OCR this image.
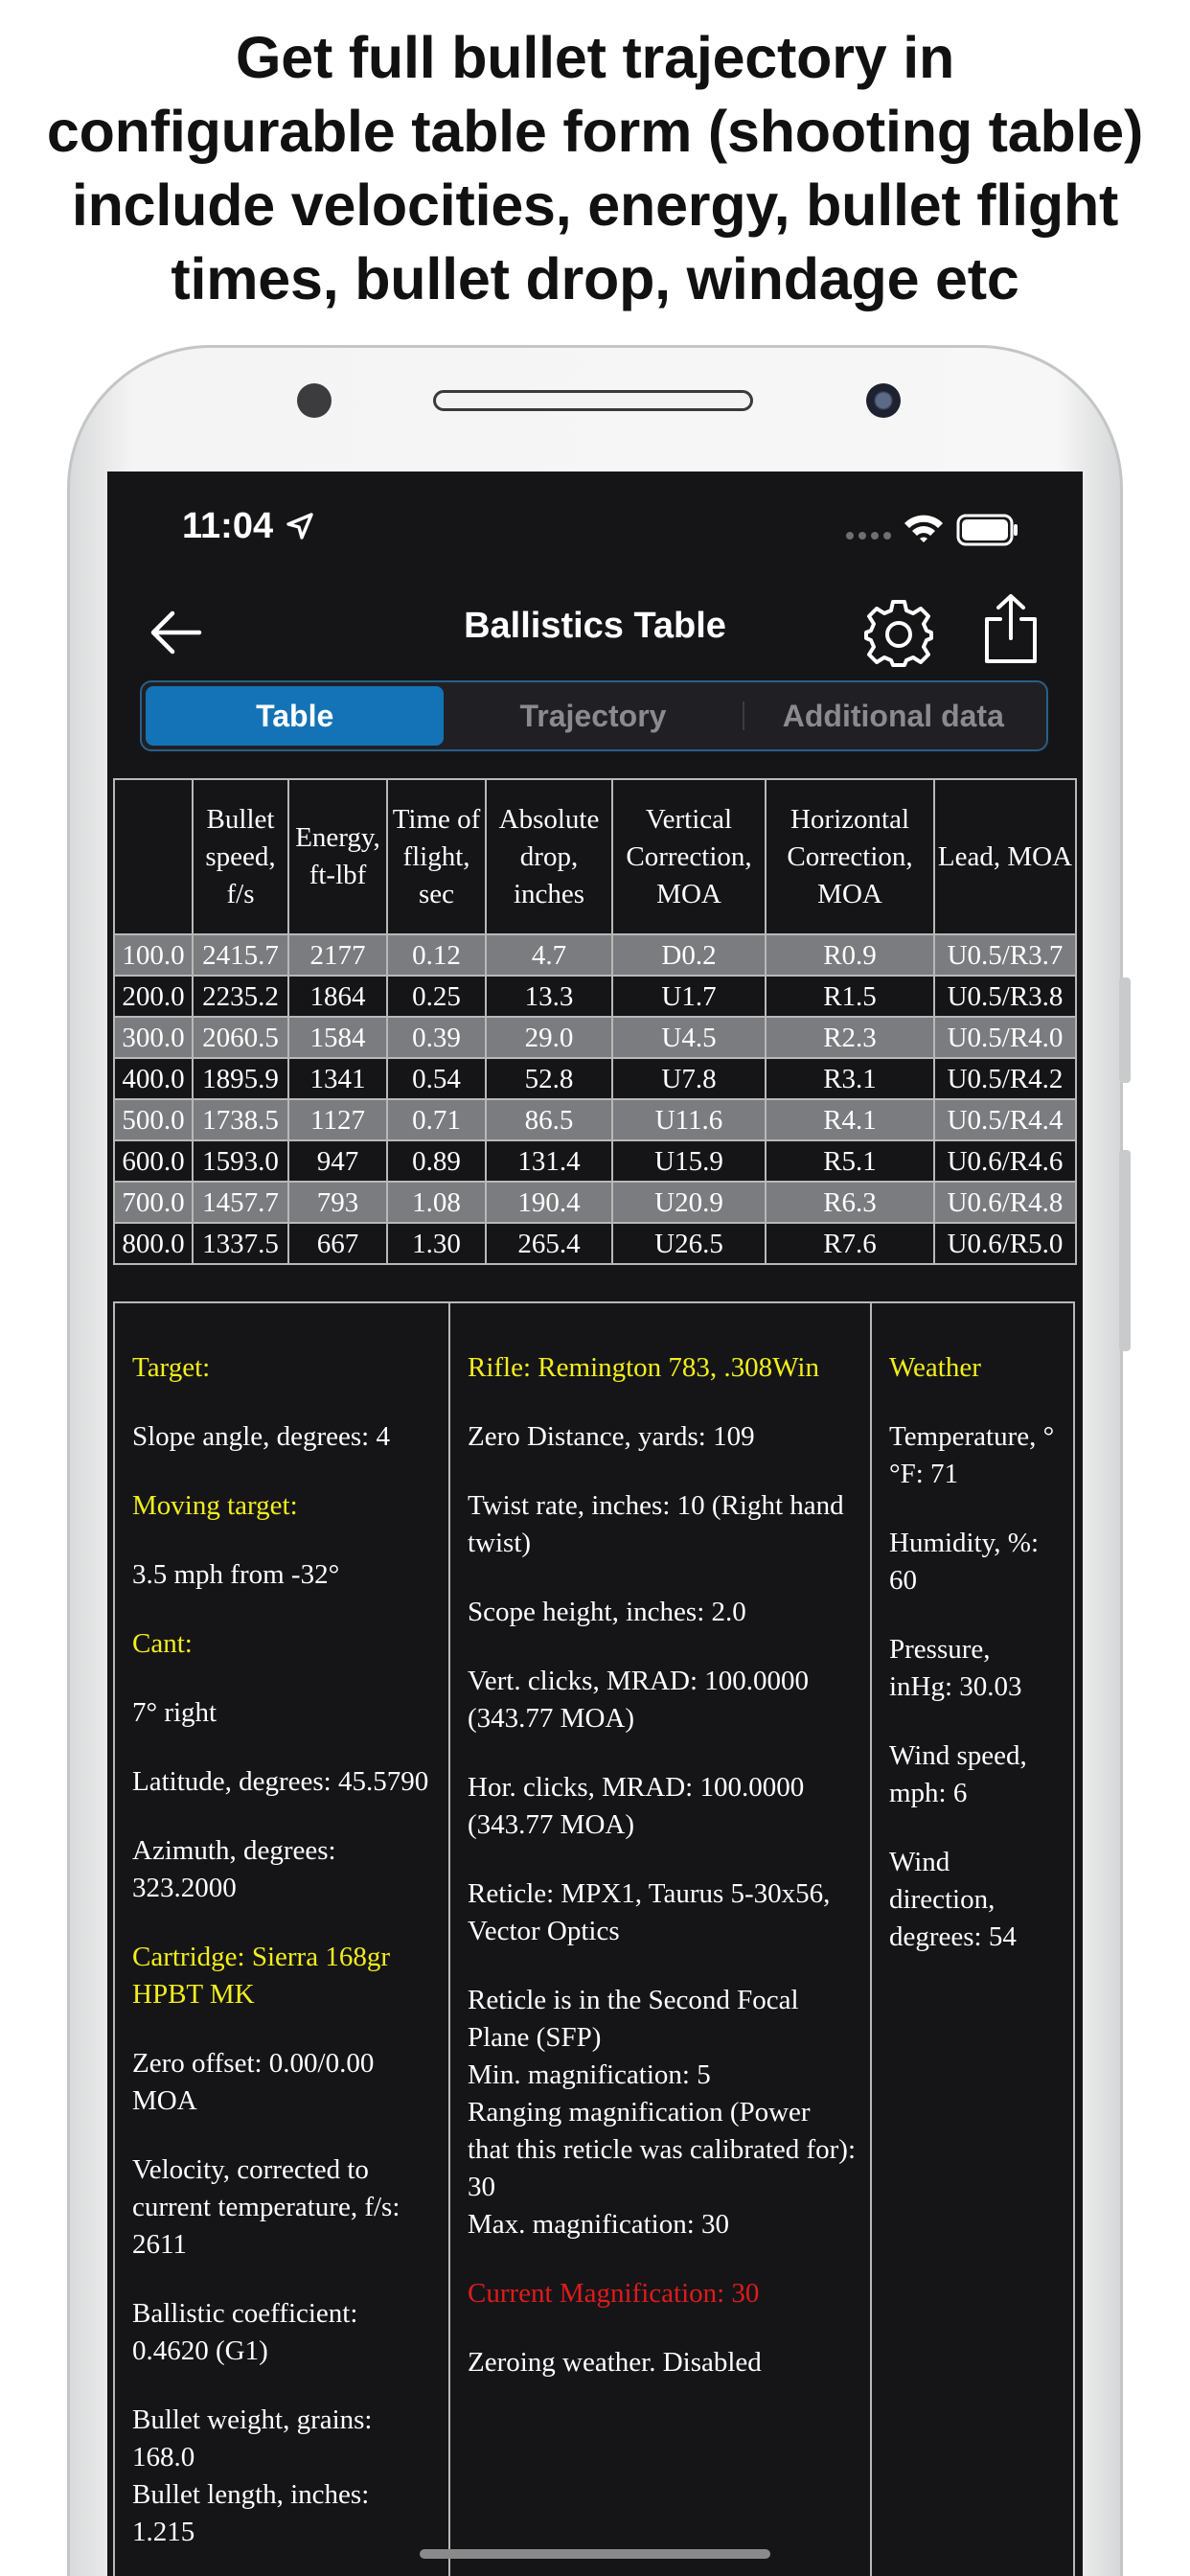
Get full bullet trajectory in
configurable table form (shooting table)
include velocities, energy, bullet flight
times, bullet drop, windage etc
11:04
Ballistics Table
Table	Trajectory	Additional data
	Bullet speed, f/s	Energy, ft-lbf	Time of flight, sec	Absolute drop, inches	Vertical Correction, MOA	Horizontal Correction, MOA	Lead, MOA
100.0	2415.7	2177	0.12	4.7	D0.2	R0.9	U0.5/R3.7
200.0	2235.2	1864	0.25	13.3	U1.7	R1.5	U0.5/R3.8
300.0	2060.5	1584	0.39	29.0	U4.5	R2.3	U0.5/R4.0
400.0	1895.9	1341	0.54	52.8	U7.8	R3.1	U0.5/R4.2
500.0	1738.5	1127	0.71	86.5	U11.6	R4.1	U0.5/R4.4
600.0	1593.0	947	0.89	131.4	U15.9	R5.1	U0.6/R4.6
700.0	1457.7	793	1.08	190.4	U20.9	R6.3	U0.6/R4.8
800.0	1337.5	667	1.30	265.4	U26.5	R7.6	U0.6/R5.0

Target:

Slope angle, degrees: 4

Moving target:

3.5 mph from -32°

Cant:

7° right

Latitude, degrees: 45.5790

Azimuth, degrees: 323.2000

Cartridge: Sierra 168gr HPBT MK

Zero offset: 0.00/0.00 MOA

Velocity, corrected to current temperature, f/s: 2611

Ballistic coefficient: 0.4620 (G1)

Bullet weight, grains: 168.0

Bullet length, inches: 1.215

Rifle: Remington 783, .308Win

Zero Distance, yards: 109

Twist rate, inches: 10 (Right hand twist)

Scope height, inches: 2.0

Vert. clicks, MRAD: 100.0000 (343.77 MOA)

Hor. clicks, MRAD: 100.0000 (343.77 MOA)

Reticle: MPX1, Taurus 5-30x56, Vector Optics

Reticle is in the Second Focal Plane (SFP)

Min. magnification: 5

Ranging magnification (Power that this reticle was calibrated for): 30

Max. magnification: 30

Current Magnification: 30

Zeroing weather. Disabled

Weather

Temperature, °°F: 71

Humidity, %: 60

Pressure, inHg: 30.03

Wind speed, mph: 6

Wind direction, degrees: 54
